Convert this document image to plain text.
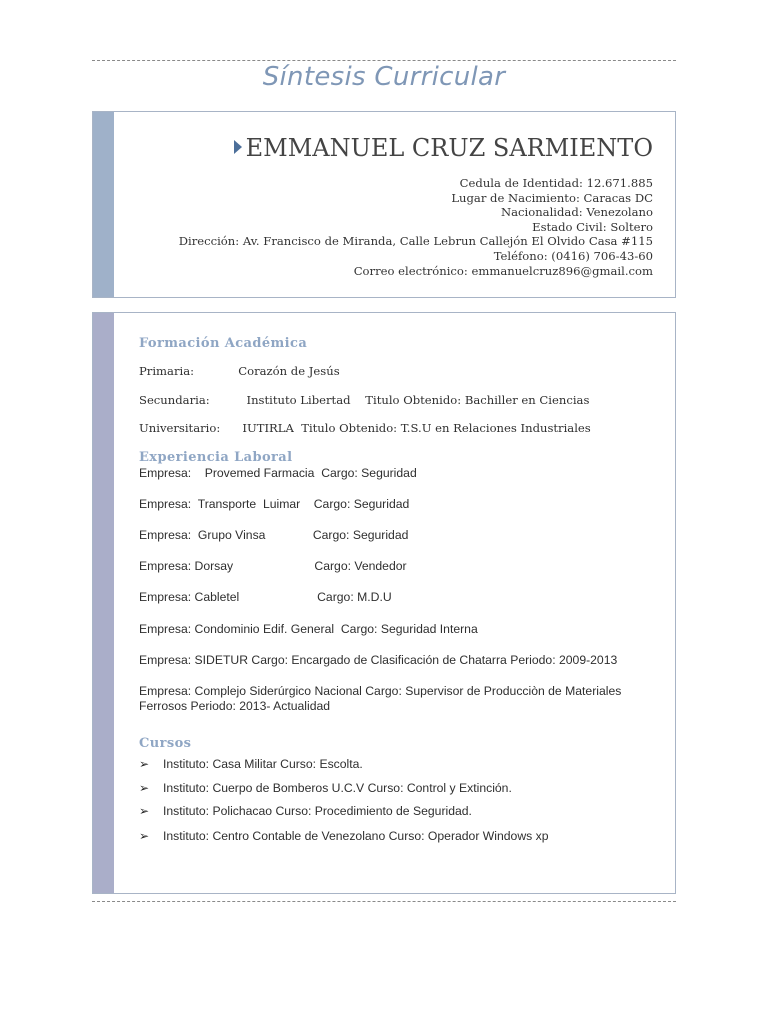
Síntesis Curricular
EMMANUEL CRUZ SARMIENTO
Cedula de Identidad: 12.671.885
Lugar de Nacimiento: Caracas DC
Nacionalidad: Venezolano
Estado Civil: Soltero
Dirección: Av. Francisco de Miranda, Calle Lebrun Callejón El Olvido Casa #115
Teléfono: (0416) 706-43-60
Correo electrónico: emmanuelcruz896@gmail.com
Formación Académica
Primaria:            Corazón de Jesús
Secundaria:          Instituto Libertad    Titulo Obtenido: Bachiller en Ciencias
Universitario:      IUTIRLA  Titulo Obtenido: T.S.U en Relaciones Industriales
Experiencia Laboral
Empresa:    Provemed Farmacia  Cargo: Seguridad
Empresa:  Transporte  Luimar    Cargo: Seguridad
Empresa:  Grupo Vinsa              Cargo: Seguridad
Empresa: Dorsay                        Cargo: Vendedor
Empresa: Cabletel                       Cargo: M.D.U
Empresa: Condominio Edif. General  Cargo: Seguridad Interna
Empresa: SIDETUR Cargo: Encargado de Clasificación de Chatarra Periodo: 2009-2013
Empresa: Complejo Siderúrgico Nacional Cargo: Supervisor de Producciòn de Materiales Ferrosos Periodo: 2013- Actualidad
Cursos
➢ Instituto: Casa Militar Curso: Escolta.
➢ Instituto: Cuerpo de Bomberos U.C.V Curso: Control y Extinción.
➢ Instituto: Polichacao Curso: Procedimiento de Seguridad.
➢ Instituto: Centro Contable de Venezolano Curso: Operador Windows xp
